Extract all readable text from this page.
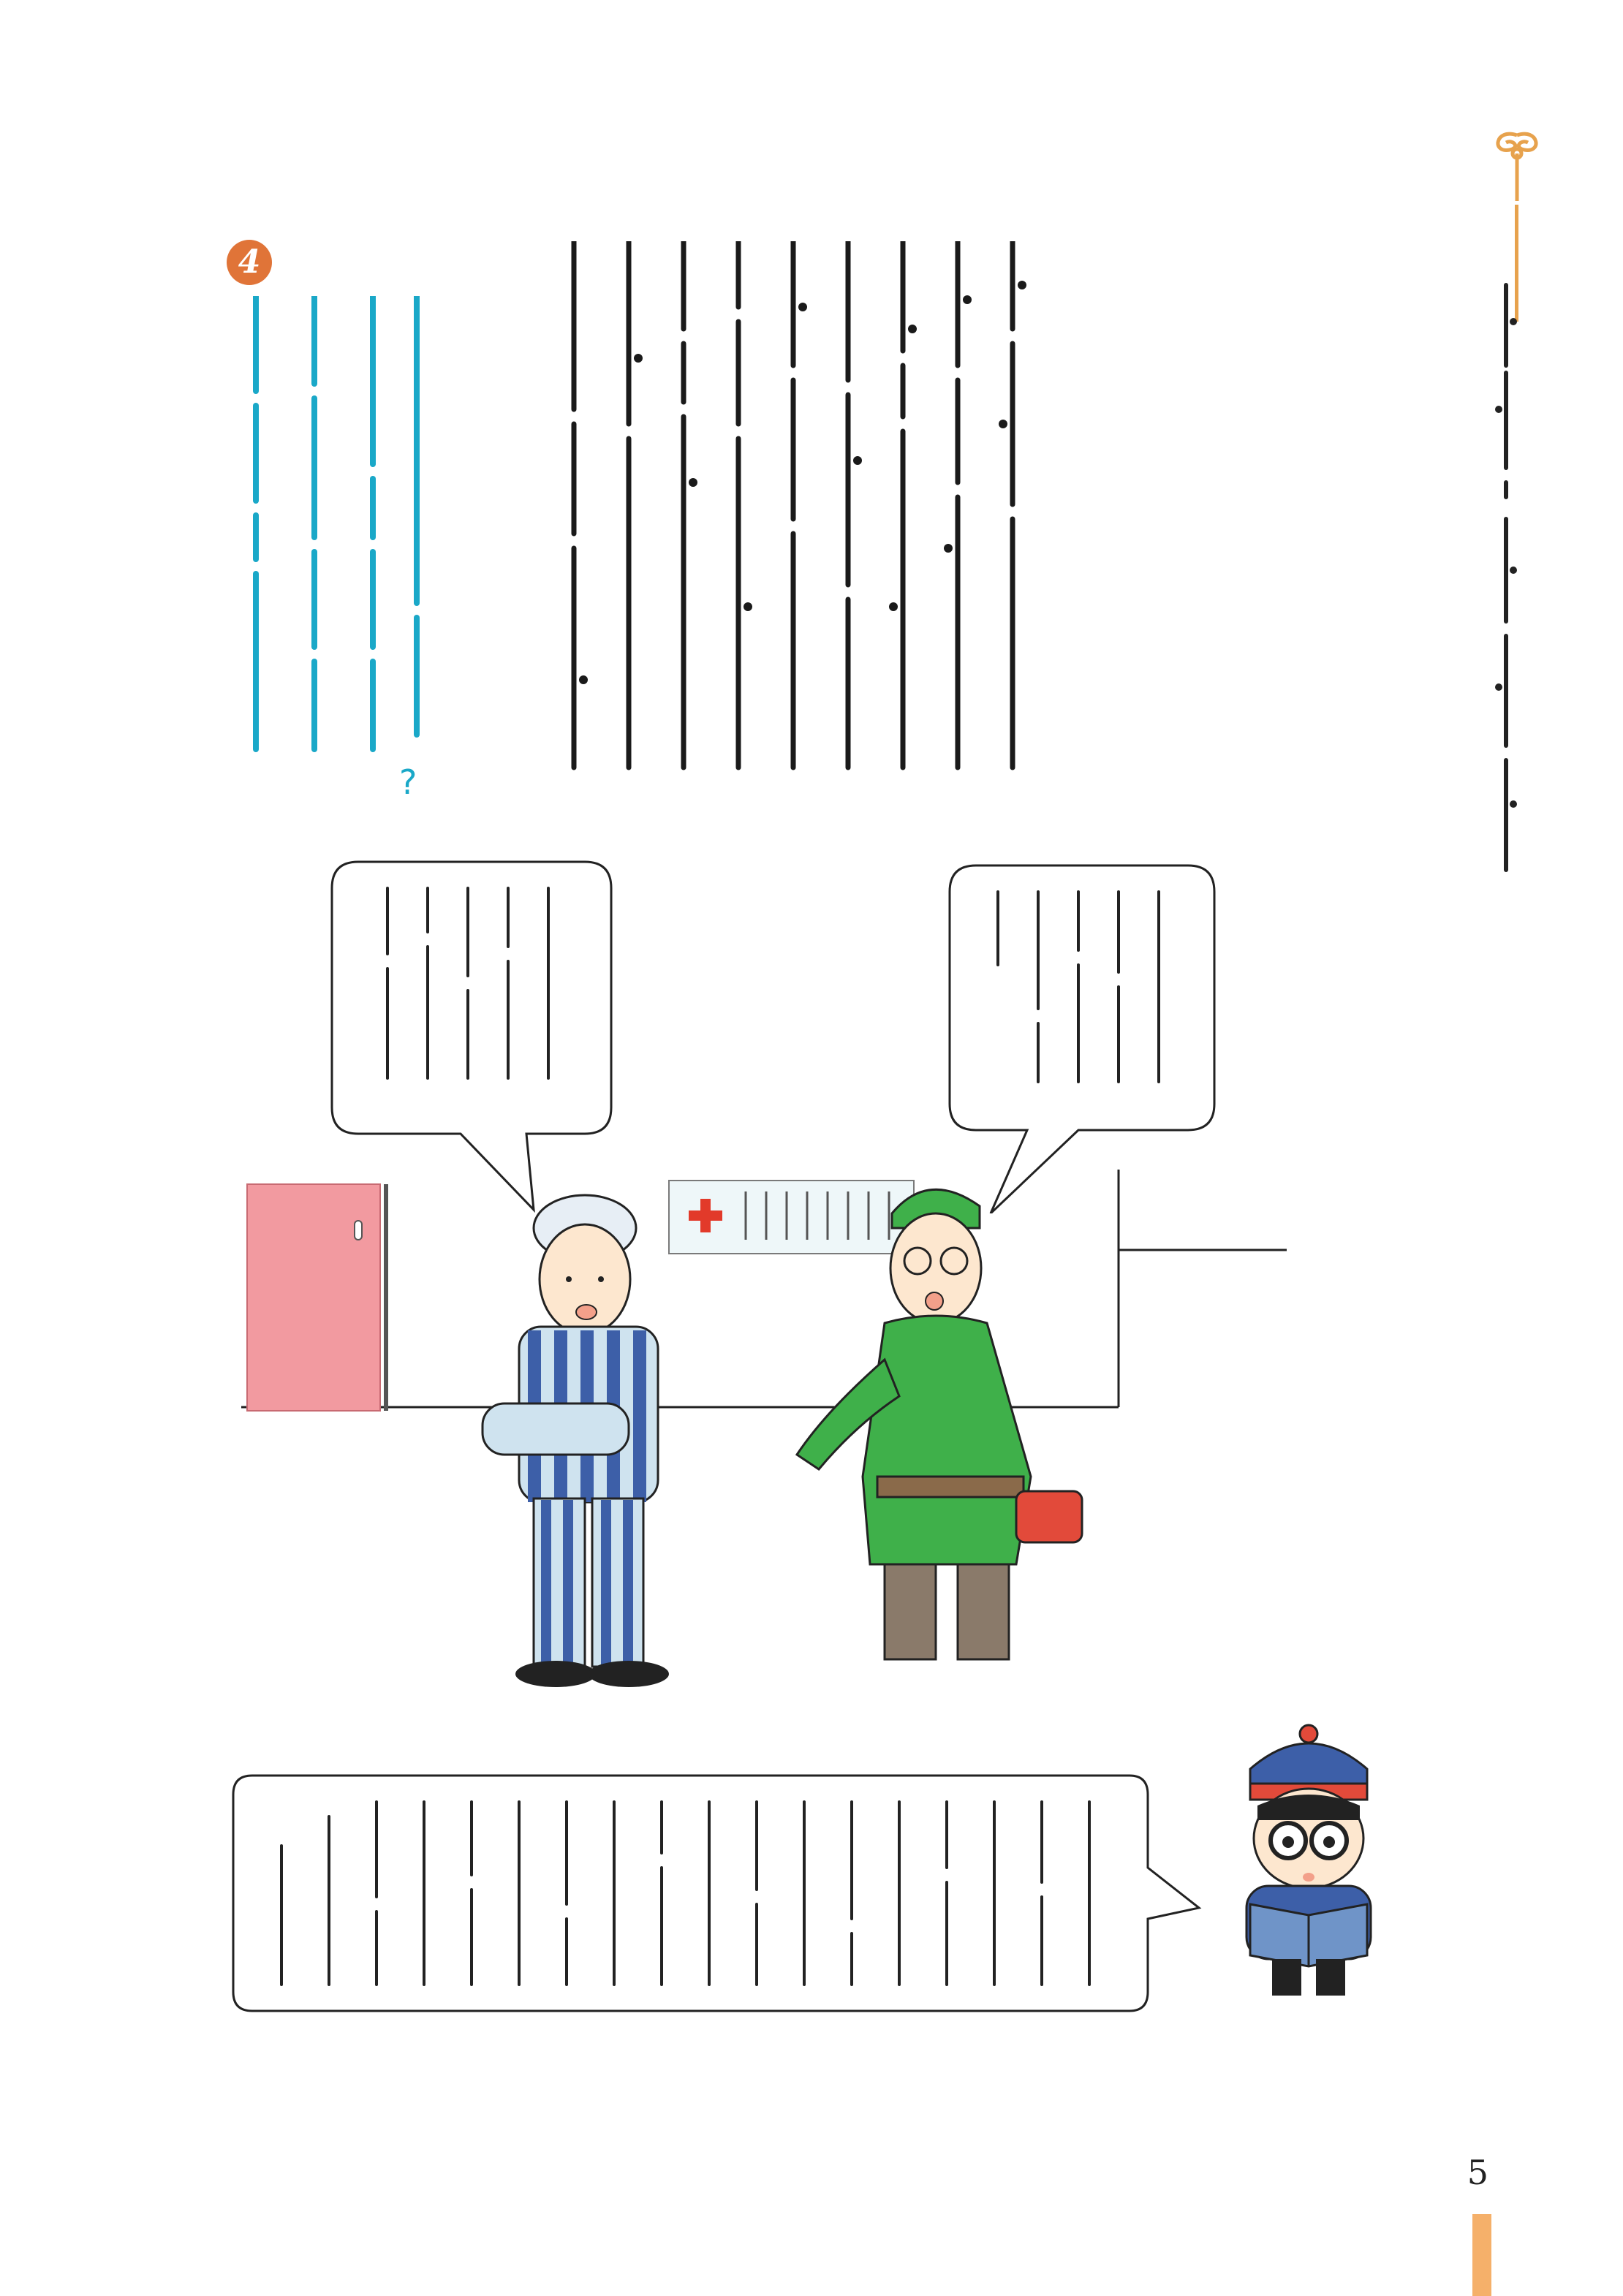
4
?
5
